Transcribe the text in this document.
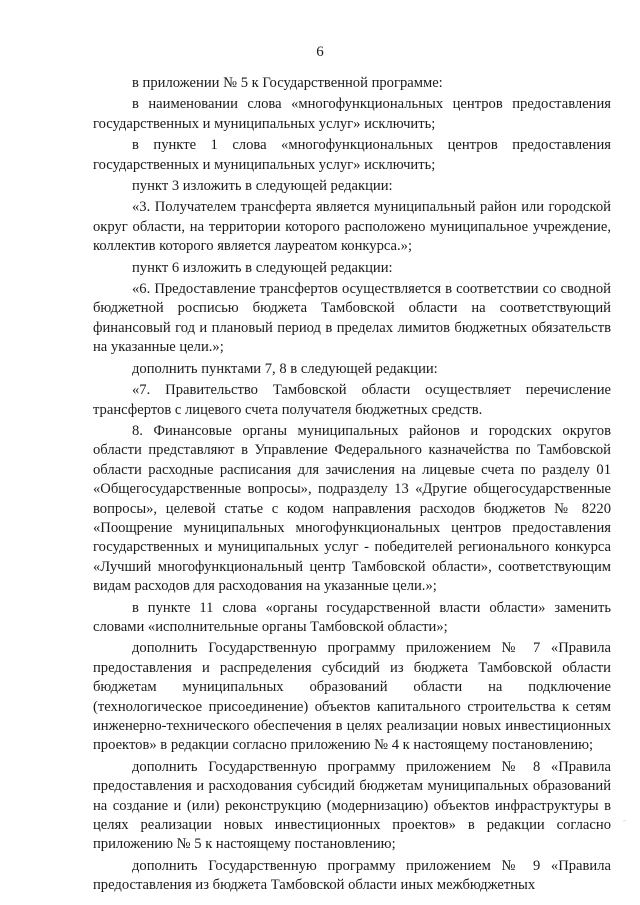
6

в приложении № 5 к Государственной программе:

в наименовании слова «многофункциональных центров предоставления государственных и муниципальных услуг» исключить;

в пункте 1 слова «многофункциональных центров предоставления государственных и муниципальных услуг» исключить;

пункт 3 изложить в следующей редакции:

«3. Получателем трансферта является муниципальный район или городской округ области, на территории которого расположено муниципальное учреждение, коллектив которого является лауреатом конкурса.»;

пункт 6 изложить в следующей редакции:

«6. Предоставление трансфертов осуществляется в соответствии со сводной бюджетной росписью бюджета Тамбовской области на соответствующий финансовый год и плановый период в пределах лимитов бюджетных обязательств на указанные цели.»;

дополнить пунктами 7, 8 в следующей редакции:

«7. Правительство Тамбовской области осуществляет перечисление трансфертов с лицевого счета получателя бюджетных средств.

8. Финансовые органы муниципальных районов и городских округов области представляют в Управление Федерального казначейства по Тамбовской области расходные расписания для зачисления на лицевые счета по разделу 01 «Общегосударственные вопросы», подразделу 13 «Другие общегосударственные вопросы», целевой статье с кодом направления расходов бюджетов № 8220 «Поощрение муниципальных многофункциональных центров предоставления государственных и муниципальных услуг - победителей регионального конкурса «Лучший многофункциональный центр Тамбовской области», соответствующим видам расходов для расходования на указанные цели.»;

в пункте 11 слова «органы государственной власти области» заменить словами «исполнительные органы Тамбовской области»;

дополнить Государственную программу приложением № 7 «Правила предоставления и распределения субсидий из бюджета Тамбовской области бюджетам муниципальных образований области на подключение (технологическое присоединение) объектов капитального строительства к сетям инженерно-технического обеспечения в целях реализации новых инвестиционных проектов» в редакции согласно приложению № 4 к настоящему постановлению;

дополнить Государственную программу приложением № 8 «Правила предоставления и расходования субсидий бюджетам муниципальных образований на создание и (или) реконструкцию (модернизацию) объектов инфраструктуры в целях реализации новых инвестиционных проектов» в редакции согласно приложению № 5 к настоящему постановлению;

дополнить Государственную программу приложением № 9 «Правила предоставления из бюджета Тамбовской области иных межбюджетных
